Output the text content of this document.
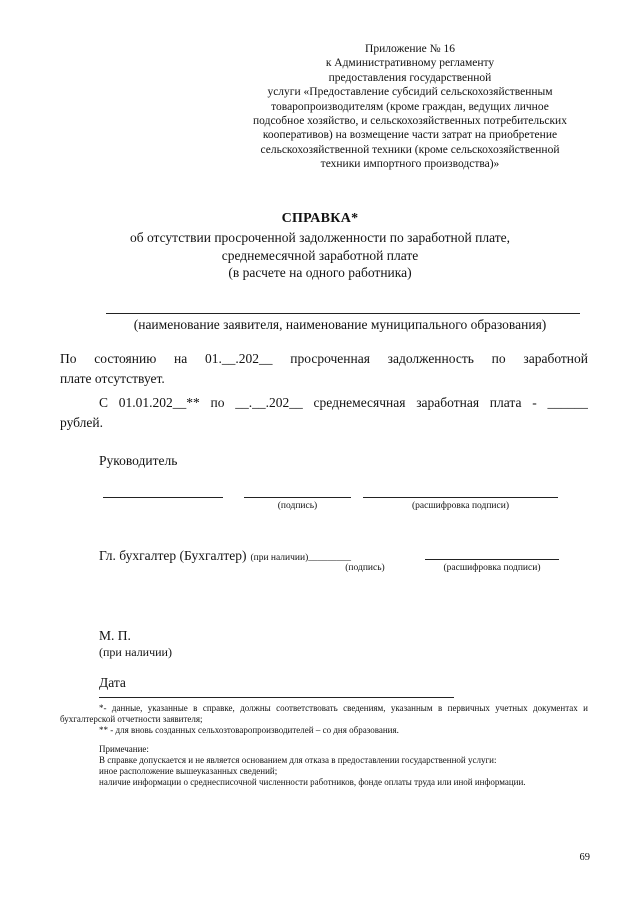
Приложение № 16
к Административному регламенту
предоставления государственной
услуги «Предоставление субсидий сельскохозяйственным
товаропроизводителям (кроме граждан, ведущих личное
подсобное хозяйство, и сельскохозяйственных потребительских
кооперативов) на возмещение части затрат на приобретение
сельскохозяйственной техники (кроме сельскохозяйственной
техники импортного производства)»
СПРАВКА*
об отсутствии просроченной задолженности по заработной плате,
среднемесячной заработной плате
(в расчете на одного работника)
(наименование заявителя, наименование муниципального образования)
По состоянию на 01.__.202__ просроченная задолженность по заработной
плате отсутствует.
С 01.01.202__** по __.__.202__ среднемесячная заработная плата - ______
рублей.
Руководитель
(подпись)	(расшифровка подписи)
Гл. бухгалтер (Бухгалтер) (при наличии)_________
(подпись)	(расшифровка подписи)
М. П.
(при наличии)
Дата
*- данные, указанные в справке, должны соответствовать сведениям, указанным в первичных учетных документах и бухгалтерской отчетности заявителя;
** - для вновь созданных сельхозтоваропроизводителей – со дня образования.
Примечание:
В справке допускается и не является основанием для отказа в предоставлении государственной услуги:
иное расположение вышеуказанных сведений;
наличие информации о среднесписочной численности работников, фонде оплаты труда или иной информации.
69
